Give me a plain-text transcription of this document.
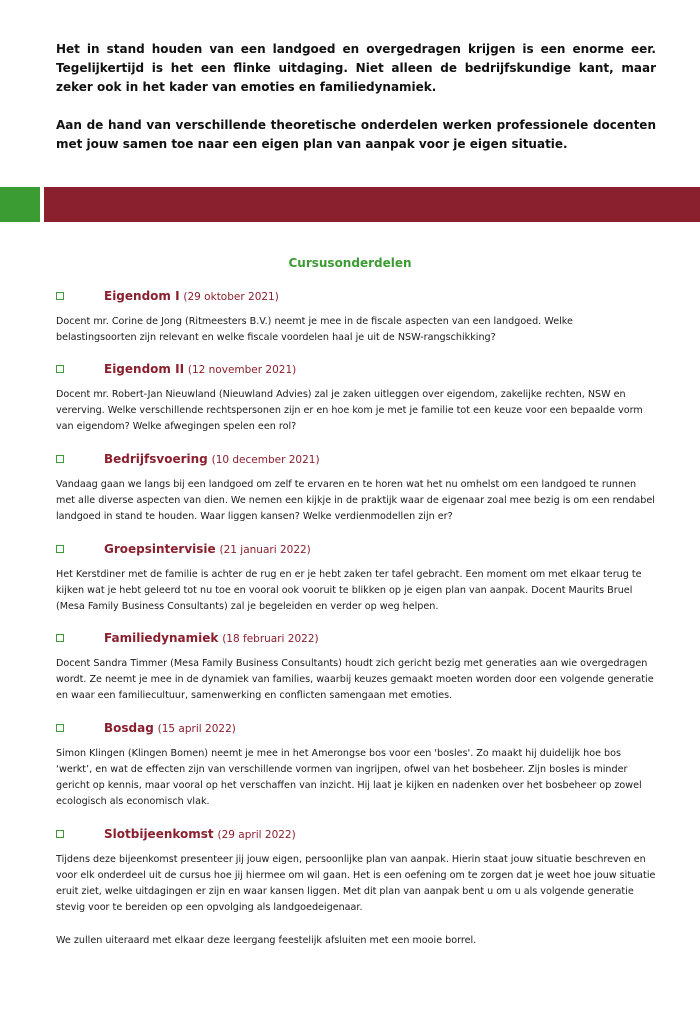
Het in stand houden van een landgoed en overgedragen krijgen is een enorme eer. Tegelijkertijd is het een flinke uitdaging. Niet alleen de bedrijfskundige kant, maar zeker ook in het kader van emoties en familiedynamiek.

Aan de hand van verschillende theoretische onderdelen werken professionele docenten met jouw samen toe naar een eigen plan van aanpak voor je eigen situatie.

Cursusonderdelen
Eigendom I (29 oktober 2021)
Docent mr. Corine de Jong (Ritmeesters B.V.) neemt je mee in de fiscale aspecten van een landgoed. Welke belastingsoorten zijn relevant en welke fiscale voordelen haal je uit de NSW-rangschikking?
Eigendom II (12 november 2021)
Docent mr. Robert-Jan Nieuwland (Nieuwland Advies) zal je zaken uitleggen over eigendom, zakelijke rechten, NSW en vererving. Welke verschillende rechtspersonen zijn er en hoe kom je met je familie tot een keuze voor een bepaalde vorm van eigendom? Welke afwegingen spelen een rol?
Bedrijfsvoering (10 december 2021)
Vandaag gaan we langs bij een landgoed om zelf te ervaren en te horen wat het nu omhelst om een landgoed te runnen met alle diverse aspecten van dien. We nemen een kijkje in de praktijk waar de eigenaar zoal mee bezig is om een rendabel landgoed in stand te houden. Waar liggen kansen? Welke verdienmodellen zijn er?
Groepsintervisie (21 januari 2022)
Het Kerstdiner met de familie is achter de rug en er je hebt zaken ter tafel gebracht. Een moment om met elkaar terug te kijken wat je hebt geleerd tot nu toe en vooral ook vooruit te blikken op je eigen plan van aanpak. Docent Maurits Bruel (Mesa Family Business Consultants) zal je begeleiden en verder op weg helpen.
Familiedynamiek (18 februari 2022)
Docent Sandra Timmer (Mesa Family Business Consultants) houdt zich gericht bezig met generaties aan wie overgedragen wordt. Ze neemt je mee in de dynamiek van families, waarbij keuzes gemaakt moeten worden door een volgende generatie en waar een familiecultuur, samenwerking en conflicten samengaan met emoties.
Bosdag (15 april 2022)
Simon Klingen (Klingen Bomen) neemt je mee in het Amerongse bos voor een 'bosles'. Zo maakt hij duidelijk hoe bos ‘werkt’, en wat de effecten zijn van verschillende vormen van ingrijpen, ofwel van het bosbeheer. Zijn bosles is minder gericht op kennis, maar vooral op het verschaffen van inzicht. Hij laat je kijken en nadenken over het bosbeheer op zowel ecologisch als economisch vlak.
Slotbijeenkomst (29 april 2022)
Tijdens deze bijeenkomst presenteer jij jouw eigen, persoonlijke plan van aanpak. Hierin staat jouw situatie beschreven en voor elk onderdeel uit de cursus hoe jij hiermee om wil gaan. Het is een oefening om te zorgen dat je weet hoe jouw situatie eruit ziet, welke uitdagingen er zijn en waar kansen liggen. Met dit plan van aanpak bent u om u als volgende generatie stevig voor te bereiden op een opvolging als landgoedeigenaar.
We zullen uiteraard met elkaar deze leergang feestelijk afsluiten met een mooie borrel.
